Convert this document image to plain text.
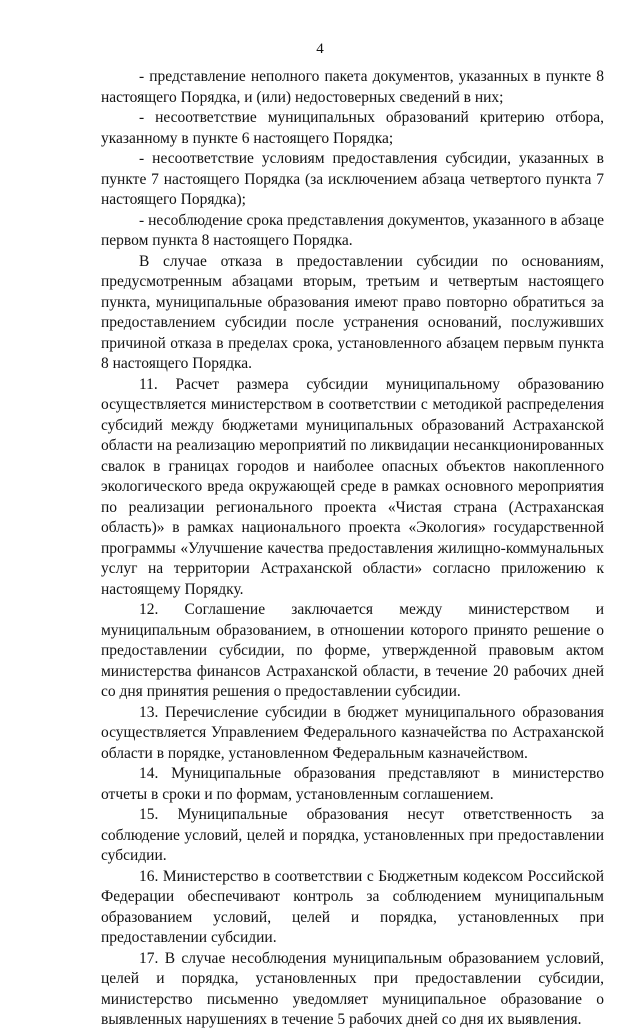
4

- представление неполного пакета документов, указанных в пункте 8 настоящего Порядка, и (или) недостоверных сведений в них;

- несоответствие муниципальных образований критерию отбора, указанному в пункте 6 настоящего Порядка;

- несоответствие условиям предоставления субсидии, указанных в пункте 7 настоящего Порядка (за исключением абзаца четвертого пункта 7 настоящего Порядка);

- несоблюдение срока представления документов, указанного в абзаце первом пункта 8 настоящего Порядка.

В случае отказа в предоставлении субсидии по основаниям, предусмотренным абзацами вторым, третьим и четвертым настоящего пункта, муниципальные образования имеют право повторно обратиться за предоставлением субсидии после устранения оснований, послуживших причиной отказа в пределах срока, установленного абзацем первым пункта 8 настоящего Порядка.

11. Расчет размера субсидии муниципальному образованию осуществляется министерством в соответствии с методикой распределения субсидий между бюджетами муниципальных образований Астраханской области на реализацию мероприятий по ликвидации несанкционированных свалок в границах городов и наиболее опасных объектов накопленного экологического вреда окружающей среде в рамках основного мероприятия по реализации регионального проекта «Чистая страна (Астраханская область)» в рамках национального проекта «Экология» государственной программы «Улучшение качества предоставления жилищно-коммунальных услуг на территории Астраханской области» согласно приложению к настоящему Порядку.

12. Соглашение заключается между министерством и муниципальным образованием, в отношении которого принято решение о предоставлении субсидии, по форме, утвержденной правовым актом министерства финансов Астраханской области, в течение 20 рабочих дней со дня принятия решения о предоставлении субсидии.

13. Перечисление субсидии в бюджет муниципального образования осуществляется Управлением Федерального казначейства по Астраханской области в порядке, установленном Федеральным казначейством.

14. Муниципальные образования представляют в министерство отчеты в сроки и по формам, установленным соглашением.

15. Муниципальные образования несут ответственность за соблюдение условий, целей и порядка, установленных при предоставлении субсидии.

16. Министерство в соответствии с Бюджетным кодексом Российской Федерации обеспечивают контроль за соблюдением муниципальным образованием условий, целей и порядка, установленных при предоставлении субсидии.

17. В случае несоблюдения муниципальным образованием условий, целей и порядка, установленных при предоставлении субсидии, министерство письменно уведомляет муниципальное образование о выявленных нарушениях в течение 5 рабочих дней со дня их выявления.
